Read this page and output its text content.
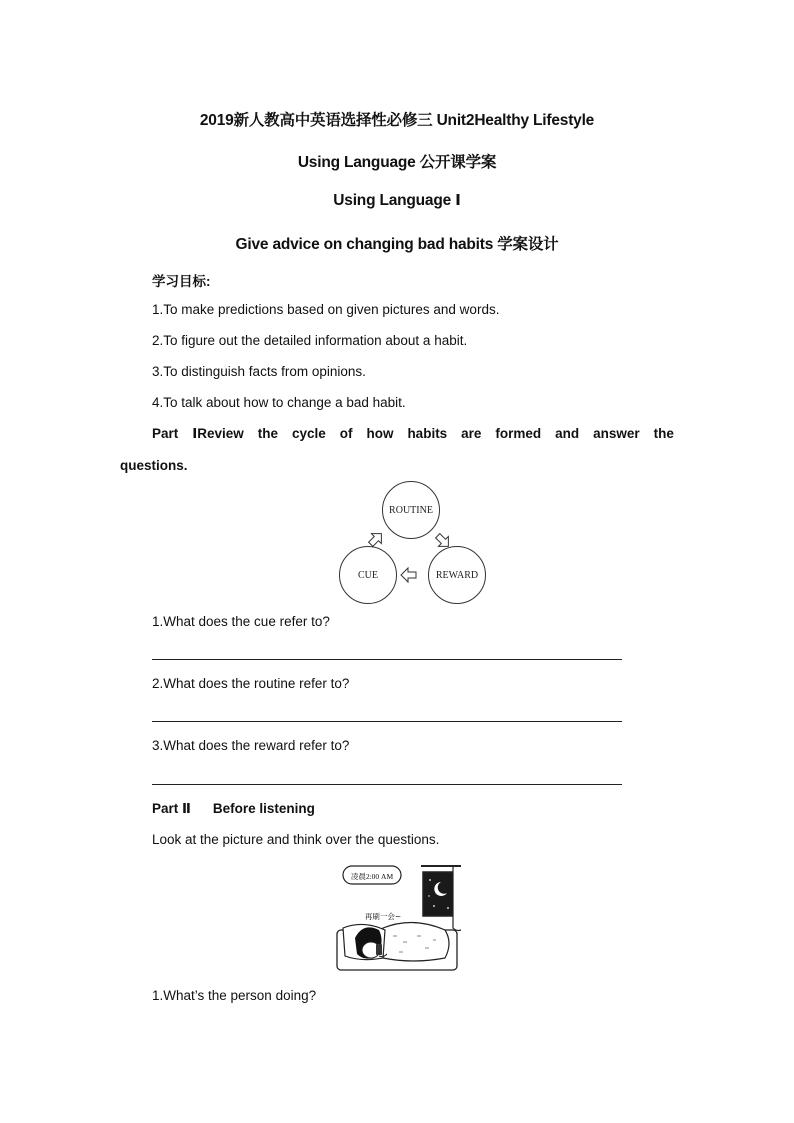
2019新人教高中英语选择性必修三 Unit2Healthy Lifestyle
Using Language 公开课学案
Using Language Ⅰ
Give advice on changing bad habits 学案设计
学习目标:
1.To make predictions based on given pictures and words.
2.To figure out the detailed information about a habit.
3.To distinguish facts from opinions.
4.To talk about how to change a bad habit.
Part ⅠReview the cycle of how habits are formed and answer the
questions.
ROUTINE
CUE	REWARD
1.What does the cue refer to?
2.What does the routine refer to?
3.What does the reward refer to?
Part Ⅱ Before listening
Look at the picture and think over the questions.
凌晨2:00 AM
再刷一会~
1.What’s the person doing?
